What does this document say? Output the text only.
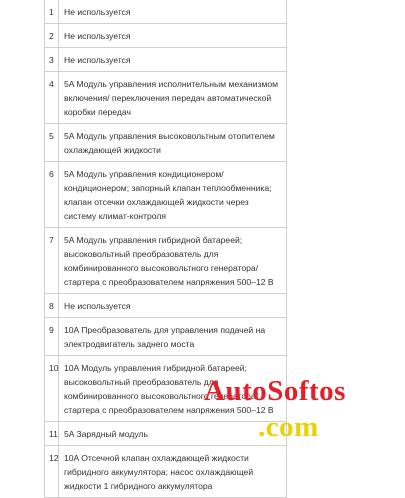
1	Не используется
2	Не используется
3	Не используется
4	5A Модуль управления исполнительным механизмом включения/ переключения передач автоматической коробки передач
5	5A Модуль управления высоковольтным отопителем охлаждающей жидкости
6	5A Модуль управления кондиционером/ кондиционером; запорный клапан теплообменника; клапан отсечки охлаждающей жидкости через систему климат-контроля
7	5A Модуль управления гибридной батареей; высоковольтный преобразователь для комбинированного высоковольтного генератора/стартера с преобразователем напряжения 500–12 В
8	Не используется
9	10A Преобразователь для управления подачей на электродвигатель заднего моста
10	10A Модуль управления гибридной батареей; высоковольтный преобразователь для комбинированного высоковольтного генератора/стартера с преобразователем напряжения 500–12 В
11	5A Зарядный модуль
12	10A Отсечной клапан охлаждающей жидкости гибридного аккумулятора; насос охлаждающей жидкости 1 гибридного аккумулятора
AutoSoftos
.com
